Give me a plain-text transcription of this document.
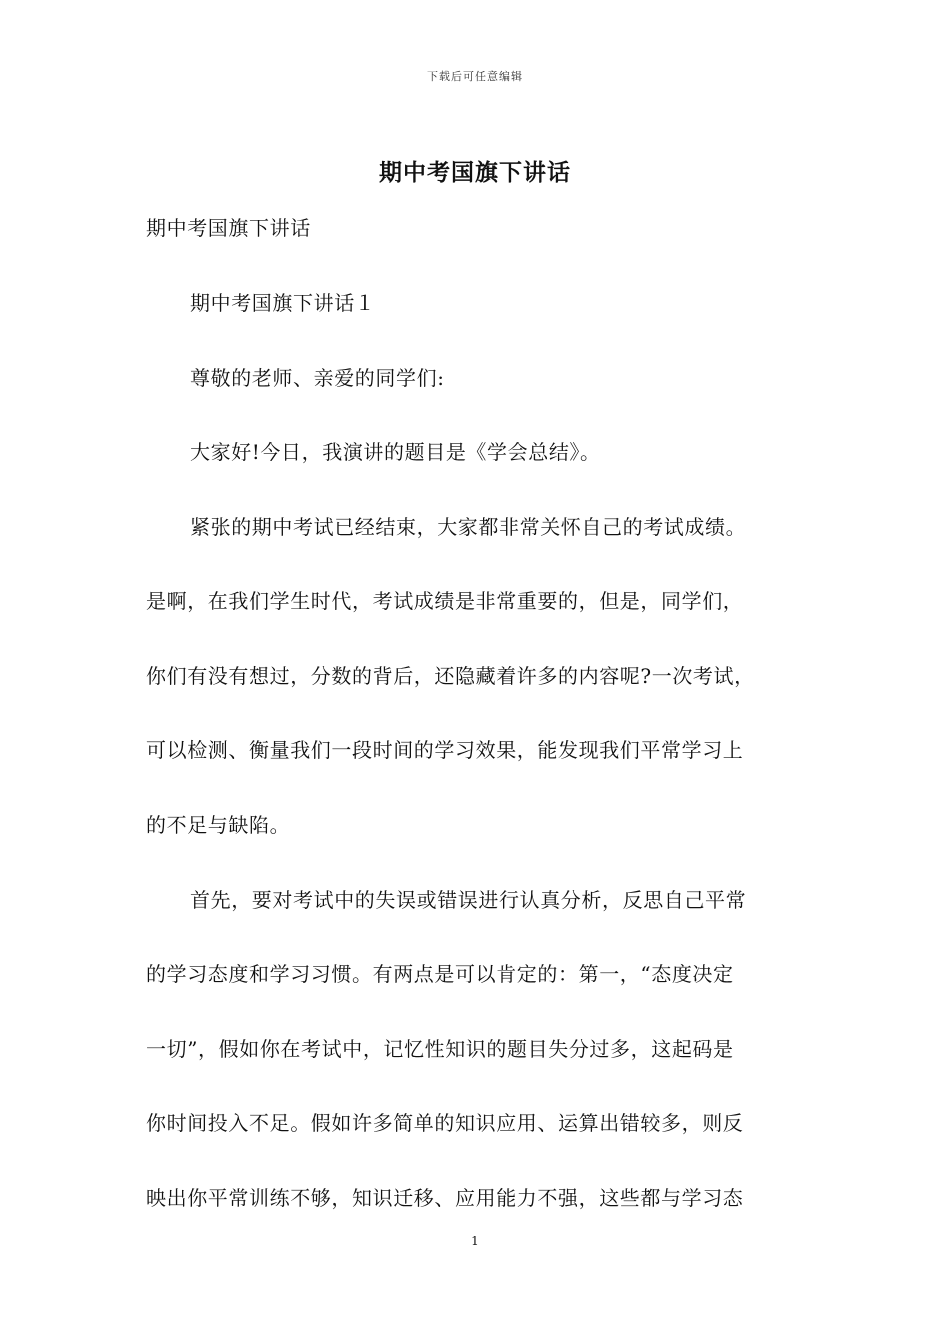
下载后可任意编辑
期中考国旗下讲话
期中考国旗下讲话
期中考国旗下讲话１
尊敬的老师、亲爱的同学们:
大家好!今日，我演讲的题目是《学会总结》。
紧张的期中考试已经结束，大家都非常关怀自己的考试成绩。
是啊，在我们学生时代，考试成绩是非常重要的，但是，同学们，
你们有没有想过，分数的背后，还隐藏着许多的内容呢?一次考试，
可以检测、衡量我们一段时间的学习效果，能发现我们平常学习上
的不足与缺陷。
首先，要对考试中的失误或错误进行认真分析，反思自己平常
的学习态度和学习习惯。有两点是可以肯定的：第一，“态度决定
一切”，假如你在考试中，记忆性知识的题目失分过多，这起码是
你时间投入不足。假如许多简单的知识应用、运算出错较多，则反
映出你平常训练不够，知识迁移、应用能力不强，这些都与学习态
1
